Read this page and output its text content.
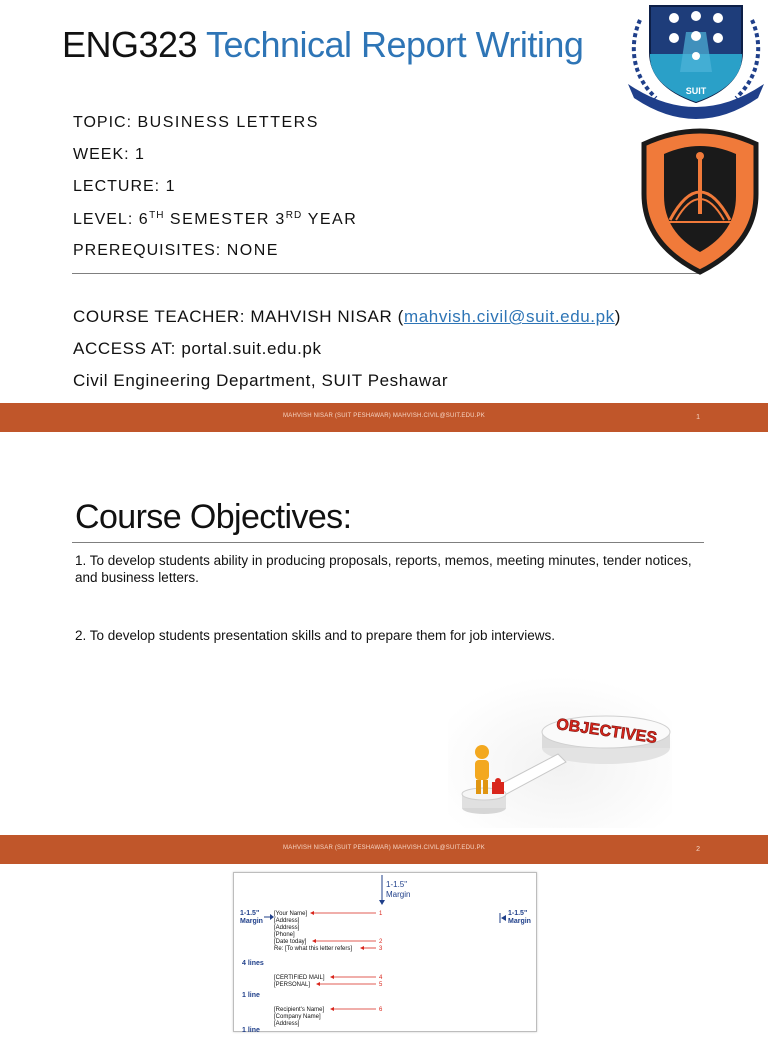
ENG323 Technical Report Writing
TOPIC: BUSINESS LETTERS
WEEK: 1
LECTURE: 1
LEVEL: 6TH SEMESTER 3RD YEAR
PREREQUISITES: NONE
COURSE TEACHER: MAHVISH NISAR (mahvish.civil@suit.edu.pk)
ACCESS AT: portal.suit.edu.pk
Civil Engineering Department, SUIT Peshawar
SUIT
MAHVISH NISAR (SUIT PESHAWAR) MAHVISH.CIVIL@SUIT.EDU.PK	1
Course Objectives:
1. To develop students ability in producing proposals, reports, memos, meeting minutes, tender notices, and business letters.
2. To develop students presentation skills and to prepare them for job interviews.
OBJECTIVES
MAHVISH NISAR (SUIT PESHAWAR) MAHVISH.CIVIL@SUIT.EDU.PK	2
1-1.5"
Margin
1-1.5"
Margin
1-1.5"
Margin
[Your Name]
[Address]
[Address]
[Phone]
[Date today]
Re: [To what this letter refers]
1
2
3
4 lines
[CERTIFIED MAIL]
[PERSONAL]
4
5
1 line
[Recipient's Name]
[Company Name]
[Address]
6
1 line
